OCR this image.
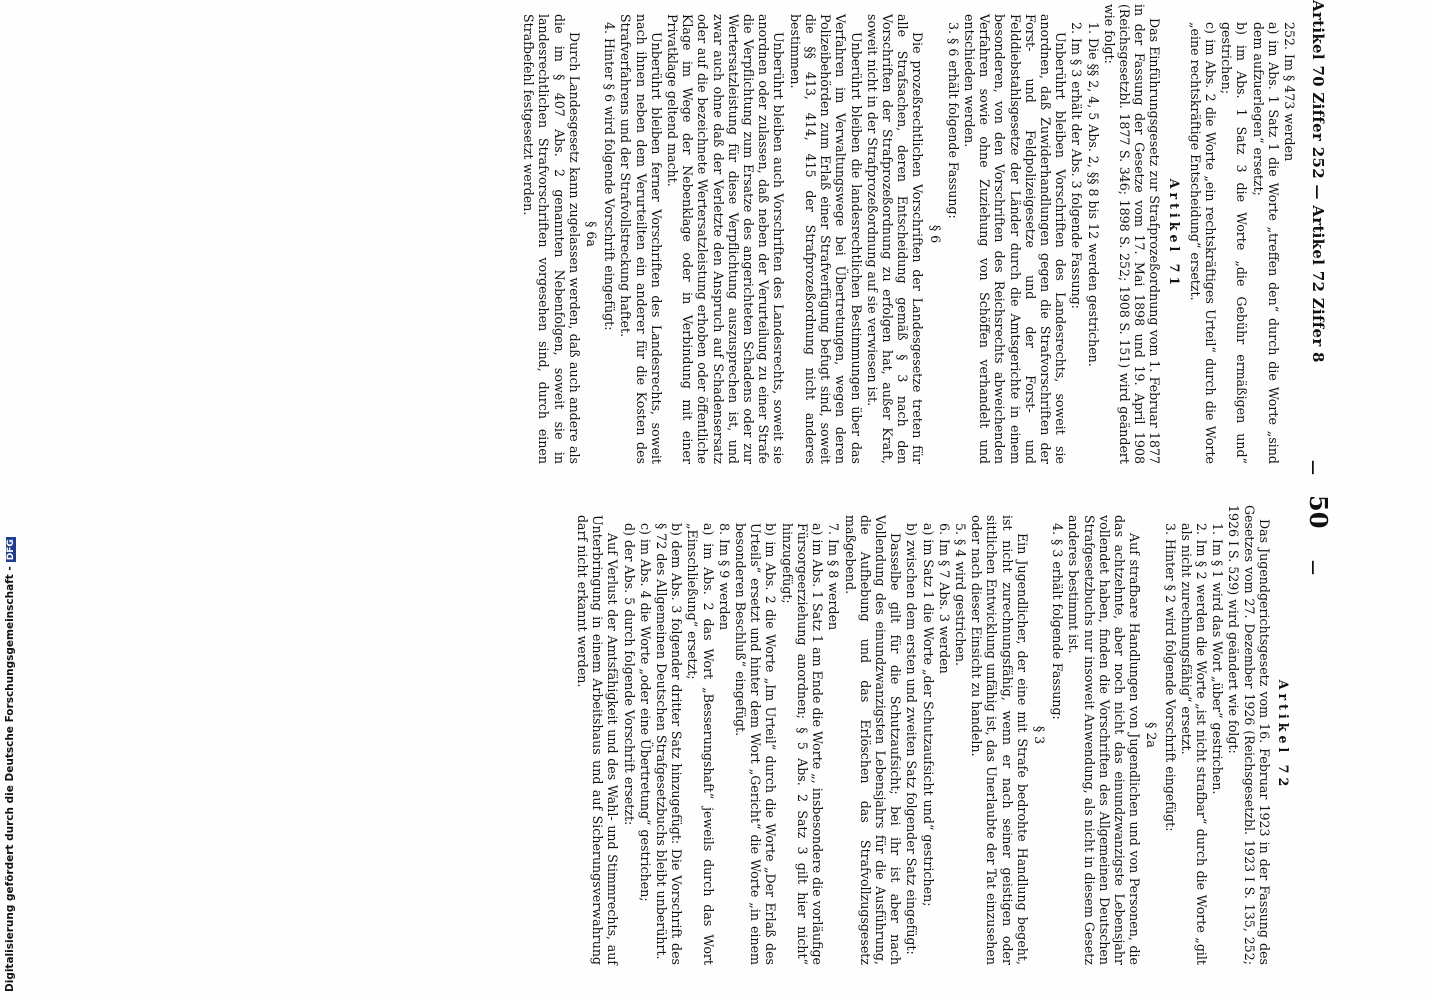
Artikel 70 Ziffer 252 — Artikel 72 Ziffer 8
—
50
—

252. Im § 473 werden

a) im Abs. 1 Satz 1 die Worte „treffen den“ durch die Worte „sind dem aufzuerlegen“ ersetzt;

b) im Abs. 1 Satz 3 die Worte „die Gebühr ermäßigen und“ gestrichen;

c) im Abs. 2 die Worte „ein rechtskräftiges Urteil“ durch die Worte „eine rechtskräftige Entscheidung“ ersetzt.

Artikel 71

Das Einführungsgesetz zur Strafprozeßordnung vom 1. Februar 1877 in der Fassung der Gesetze vom 17. Mai 1898 und 19. April 1908 (Reichsgesetzbl. 1877 S. 346; 1898 S. 252; 1908 S. 151) wird geändert wie folgt:

1. Die §§ 2, 4, 5 Abs. 2, §§ 8 bis 12 werden gestrichen.

2. Im § 3 erhält der Abs. 3 folgende Fassung:

Unberührt bleiben Vorschriften des Landesrechts, soweit sie anordnen, daß Zuwiderhandlungen gegen die Strafvorschriften der Forst- und Feldpolizeigesetze und der Forst- und Felddiebstahlsgesetze der Länder durch die Amtsgerichte in einem besonderen, von den Vorschriften des Reichsrechts abweichenden Verfahren sowie ohne Zuziehung von Schöffen verhandelt und entschieden werden.

3. § 6 erhält folgende Fassung:

§ 6

Die prozeßrechtlichen Vorschriften der Landesgesetze treten für alle Strafsachen, deren Entscheidung gemäß § 3 nach den Vorschriften der Strafprozeßordnung zu erfolgen hat, außer Kraft, soweit nicht in der Strafprozeßordnung auf sie verwiesen ist.

Unberührt bleiben die landesrechtlichen Bestimmungen über das Verfahren im Verwaltungswege bei Übertretungen, wegen deren Polizeibehörden zum Erlaß einer Strafverfügung befugt sind, soweit die §§ 413, 414, 415 der Strafprozeßordnung nicht anderes bestimmen.

Unberührt bleiben auch Vorschriften des Landesrechts, soweit sie anordnen oder zulassen, daß neben der Verurteilung zu einer Strafe die Verpflichtung zum Ersatze des angerichteten Schadens oder zur Wertersatzleistung für diese Verpflichtung auszusprechen ist, und zwar auch ohne daß der Verletzte den Anspruch auf Schadensersatz oder auf die bezeichnete Wertersatzleistung erhoben oder öffentliche Klage im Wege der Nebenklage oder in Verbindung mit einer Privatklage geltend macht.

Unberührt bleiben ferner Vorschriften des Landesrechts, soweit nach ihnen neben dem Verurteilten ein anderer für die Kosten des Strafverfahrens und der Strafvollstreckung haftet.

4. Hinter § 6 wird folgende Vorschrift eingefügt:

§ 6a

Durch Landesgesetz kann zugelassen werden, daß auch andere als die im § 407 Abs. 2 genannten Nebenfolgen, soweit sie in landesrechtlichen Strafvorschriften vorgesehen sind, durch einen Strafbefehl festgesetzt werden.

Artikel 72

Das Jugendgerichtsgesetz vom 16. Februar 1923 in der Fassung des Gesetzes vom 27. Dezember 1926 (Reichsgesetzbl. 1923 I S. 135, 252; 1926 I S. 529) wird geändert wie folgt:

1. Im § 1 wird das Wort „über“ gestrichen.

2. Im § 2 werden die Worte „ist nicht strafbar“ durch die Worte „gilt als nicht zurechnungsfähig“ ersetzt.

3. Hinter § 2 wird folgende Vorschrift eingefügt:

§ 2a

Auf strafbare Handlungen von Jugendlichen und von Personen, die das achtzehnte, aber noch nicht das einundzwanzigste Lebensjahr vollendet haben, finden die Vorschriften des Allgemeinen Deutschen Strafgesetzbuchs nur insoweit Anwendung, als nicht in diesem Gesetz anderes bestimmt ist.

4. § 3 erhält folgende Fassung:

§ 3

Ein Jugendlicher, der eine mit Strafe bedrohte Handlung begeht, ist nicht zurechnungsfähig, wenn er nach seiner geistigen oder sittlichen Entwicklung unfähig ist, das Unerlaubte der Tat einzusehen oder nach dieser Einsicht zu handeln.

5. § 4 wird gestrichen.

6. Im § 7 Abs. 3 werden

a) im Satz 1 die Worte „der Schutzaufsicht und“ gestrichen;

b) zwischen dem ersten und zweiten Satz folgender Satz eingefügt:

Dasselbe gilt für die Schutzaufsicht; bei ihr ist aber nach Vollendung des einundzwanzigsten Lebensjahrs für die Ausführung, die Aufhebung und das Erlöschen das Strafvollzugsgesetz maßgebend.

7. Im § 8 werden

a) im Abs. 1 Satz 1 am Ende die Worte „, insbesondere die vorläufige Fürsorgeerziehung anordnen; § 5 Abs. 2 Satz 3 gilt hier nicht“ hinzugefügt;

b) im Abs. 2 die Worte „Im Urteil“ durch die Worte „Der Erlaß des Urteils“ ersetzt und hinter dem Wort „Gericht“ die Worte „in einem besonderen Beschluß“ eingefügt.

8. Im § 9 werden

a) im Abs. 2 das Wort „Besserungshaft“ jeweils durch das Wort „Einschließung“ ersetzt;

b) dem Abs. 3 folgender dritter Satz hinzugefügt: Die Vorschrift des § 72 des Allgemeinen Deutschen Strafgesetzbuchs bleibt unberührt.

c) im Abs. 4 die Worte „oder eine Übertretung“ gestrichen;

d) der Abs. 5 durch folgende Vorschrift ersetzt:

Auf Verlust der Amtsfähigkeit und des Wahl- und Stimmrechts, auf Unterbringung in einem Arbeitshaus und auf Sicherungsverwahrung darf nicht erkannt werden.

Digitalisierung gefördert durch die Deutsche Forschungsgemeinschaft -DFG
